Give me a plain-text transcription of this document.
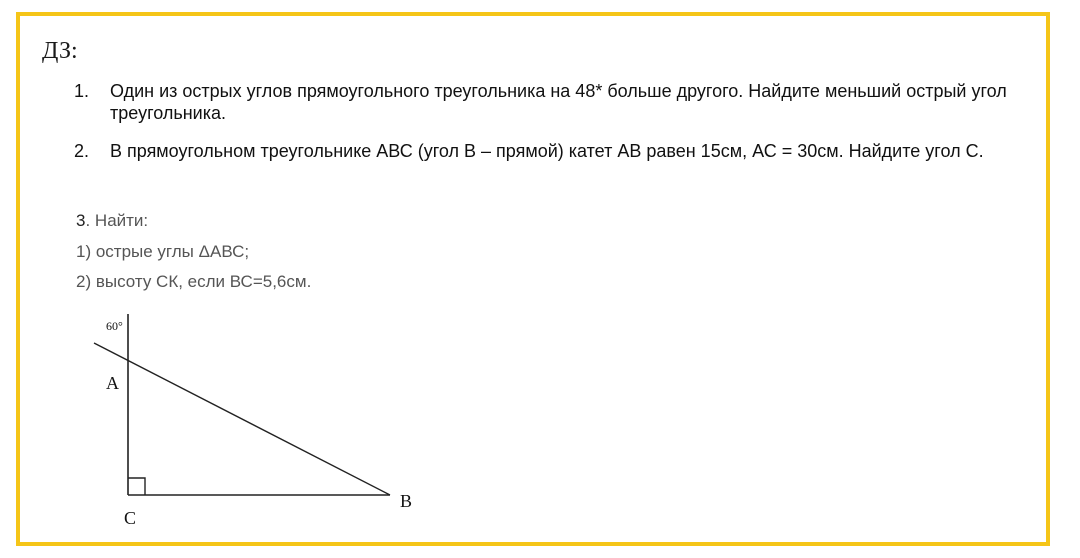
ДЗ:
1. Один из острых углов прямоугольного треугольника на 48* больше другого. Найдите меньший острый угол треугольника.
2. В прямоугольном треугольнике АВС (угол В – прямой) катет АВ равен 15см, АС = 30см. Найдите угол С.
3. Найти:
1) острые углы ΔАВС;
2) высоту СК, если ВС=5,6см.
60°
A
B
C
